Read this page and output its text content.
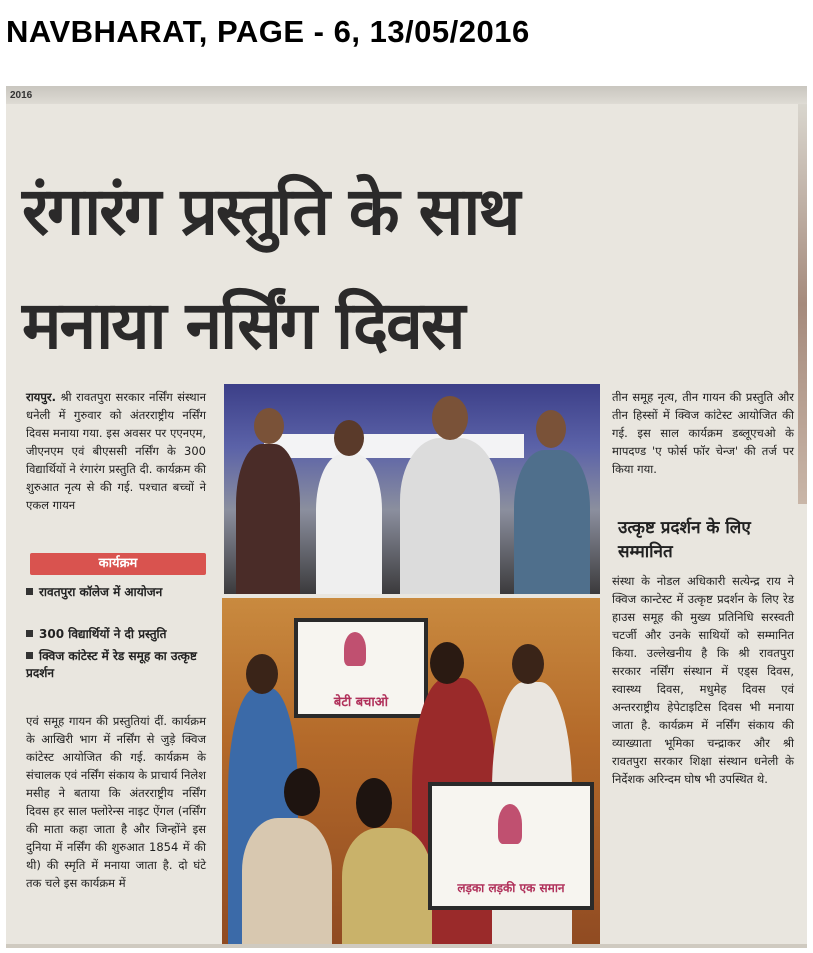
NAVBHARAT, PAGE - 6, 13/05/2016
2016
रंगारंग प्रस्तुति के साथ
मनाया नर्सिंग दिवस
रायपुर. श्री रावतपुरा सरकार नर्सिंग संस्थान धनेली में गुरुवार को अंतरराष्ट्रीय नर्सिंग दिवस मनाया गया. इस अवसर पर एएनएम, जीएनएम एवं बीएससी नर्सिंग के 300 विद्यार्थियों ने रंगारंग प्रस्तुति दी. कार्यक्रम की शुरुआत नृत्य से की गई. पश्चात बच्चों ने एकल गायन
कार्यक्रम
रावतपुरा कॉलेज में आयोजन
300 विद्यार्थियों ने दी प्रस्तुति
क्विज कांटेस्ट में रेड समूह का उत्कृष्ट प्रदर्शन
एवं समूह गायन की प्रस्तुतियां दीं. कार्यक्रम के आखिरी भाग में नर्सिंग से जुड़े क्विज कांटेस्ट आयोजित की गई. कार्यक्रम के संचालक एवं नर्सिंग संकाय के प्राचार्य निलेश मसीह ने बताया कि अंतरराष्ट्रीय नर्सिंग दिवस हर साल फ्लोरेन्स नाइट ऐंगल (नर्सिंग की माता कहा जाता है और जिन्होंने इस दुनिया में नर्सिंग की शुरुआत 1854 में की थी) की स्मृति में मनाया जाता है. दो घंटे तक चले इस कार्यक्रम में
बेटी बचाओ
लड़का लड़की एक समान
तीन समूह नृत्य, तीन गायन की प्रस्तुति और तीन हिस्सों में क्विज कांटेस्ट आयोजित की गई. इस साल कार्यक्रम डब्लूएचओ के मापदण्ड 'ए फोर्स फॉर चेन्ज' की तर्ज पर किया गया.
उत्कृष्ट प्रदर्शन के लिए सम्मानित
संस्था के नोडल अधिकारी सत्येन्द्र राय ने क्विज कान्टेस्ट में उत्कृष्ट प्रदर्शन के लिए रेड हाउस समूह की मुख्य प्रतिनिधि सरस्वती चटर्जी और उनके साथियों को सम्मानित किया. उल्लेखनीय है कि श्री रावतपुरा सरकार नर्सिंग संस्थान में एड्स दिवस, स्वास्थ्य दिवस, मधुमेह दिवस एवं अन्तरराष्ट्रीय हेपेटाइटिस दिवस भी मनाया जाता है. कार्यक्रम में नर्सिंग संकाय की व्याख्याता भूमिका चन्द्राकर और श्री रावतपुरा सरकार शिक्षा संस्थान धनेली के निर्देशक अरिन्दम घोष भी उपस्थित थे.
